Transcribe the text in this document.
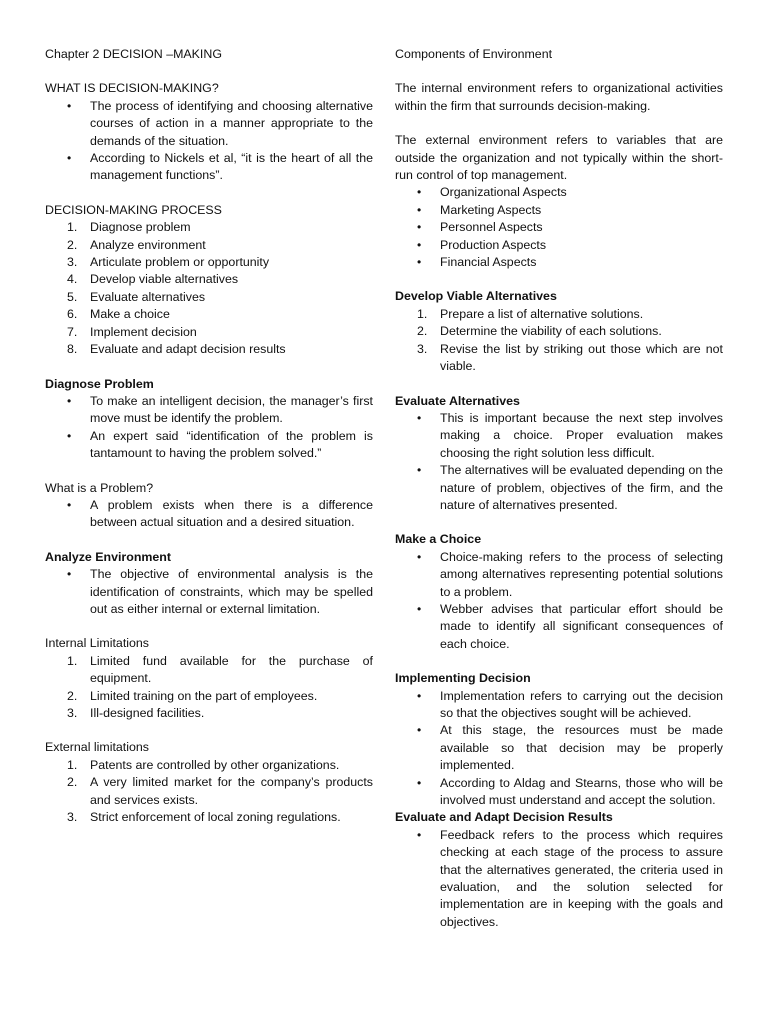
Chapter 2 DECISION –MAKING
WHAT IS DECISION-MAKING?
• The process of identifying and choosing alternative courses of action in a manner appropriate to the demands of the situation.
• According to Nickels et al, “it is the heart of all the management functions”.
DECISION-MAKING PROCESS
1. Diagnose problem
2. Analyze environment
3. Articulate problem or opportunity
4. Develop viable alternatives
5. Evaluate alternatives
6. Make a choice
7. Implement decision
8. Evaluate and adapt decision results
Diagnose Problem
• To make an intelligent decision, the manager’s first move must be identify the problem.
• An expert said “identification of the problem is tantamount to having the problem solved.”
What is a Problem?
• A problem exists when there is a difference between actual situation and a desired situation.
Analyze Environment
• The objective of environmental analysis is the identification of constraints, which may be spelled out as either internal or external limitation.
Internal Limitations
1. Limited fund available for the purchase of equipment.
2. Limited training on the part of employees.
3. Ill-designed facilities.
External limitations
1. Patents are controlled by other organizations.
2. A very limited market for the company’s products and services exists.
3. Strict enforcement of local zoning regulations.
Components of Environment

The internal environment refers to organizational activities within the firm that surrounds decision-making.

The external environment refers to variables that are outside the organization and not typically within the short-run control of top management.

• Organizational Aspects
• Marketing Aspects
• Personnel Aspects
• Production Aspects
• Financial Aspects
Develop Viable Alternatives
1. Prepare a list of alternative solutions.
2. Determine the viability of each solutions.
3. Revise the list by striking out those which are not viable.
Evaluate Alternatives
• This is important because the next step involves making a choice. Proper evaluation makes choosing the right solution less difficult.
• The alternatives will be evaluated depending on the nature of problem, objectives of the firm, and the nature of alternatives presented.
Make a Choice
• Choice-making refers to the process of selecting among alternatives representing potential solutions to a problem.
• Webber advises that particular effort should be made to identify all significant consequences of each choice.
Implementing Decision
• Implementation refers to carrying out the decision so that the objectives sought will be achieved.
• At this stage, the resources must be made available so that decision may be properly implemented.
• According to Aldag and Stearns, those who will be involved must understand and accept the solution.
Evaluate and Adapt Decision Results
• Feedback refers to the process which requires checking at each stage of the process to assure that the alternatives generated, the criteria used in evaluation, and the solution selected for implementation are in keeping with the goals and objectives.
